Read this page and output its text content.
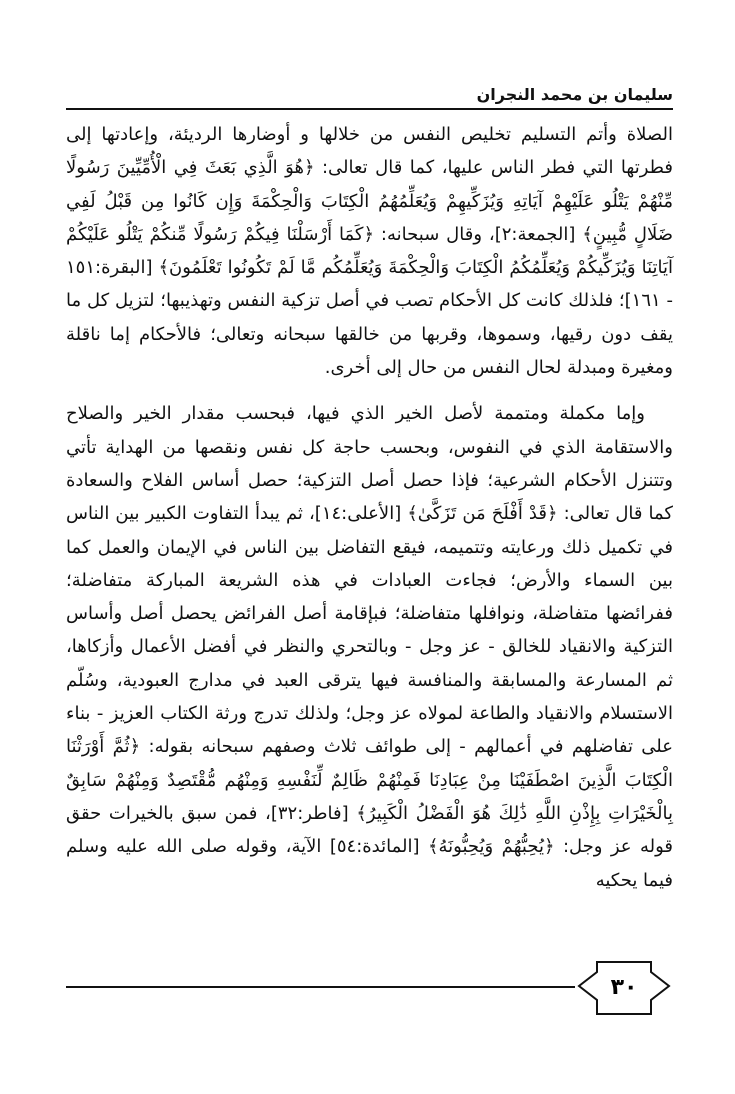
سليمان بن محمد النجران

الصلاة وأتم التسليم تخليص النفس من خلالها و أوضارها الرديئة، وإعادتها إلى فطرتها التي فطر الناس عليها، كما قال تعالى: ﴿هُوَ الَّذِي بَعَثَ فِي الْأُمِّيِّينَ رَسُولًا مِّنْهُمْ يَتْلُو عَلَيْهِمْ آيَاتِهِ وَيُزَكِّيهِمْ وَيُعَلِّمُهُمُ الْكِتَابَ وَالْحِكْمَةَ وَإِن كَانُوا مِن قَبْلُ لَفِي ضَلَالٍ مُّبِينٍ﴾ [الجمعة:٢]، وقال سبحانه: ﴿كَمَا أَرْسَلْنَا فِيكُمْ رَسُولًا مِّنكُمْ يَتْلُو عَلَيْكُمْ آيَاتِنَا وَيُزَكِّيكُمْ وَيُعَلِّمُكُمُ الْكِتَابَ وَالْحِكْمَةَ وَيُعَلِّمُكُم مَّا لَمْ تَكُونُوا تَعْلَمُونَ﴾ [البقرة:١٥١ - ١٦١]؛ فلذلك كانت كل الأحكام تصب في أصل تزكية النفس وتهذيبها؛ لتزيل كل ما يقف دون رقيها، وسموها، وقربها من خالقها سبحانه وتعالى؛ فالأحكام إما ناقلة ومغيرة ومبدلة لحال النفس من حال إلى أخرى.

وإما مكملة ومتممة لأصل الخير الذي فيها، فبحسب مقدار الخير والصلاح والاستقامة الذي في النفوس، وبحسب حاجة كل نفس ونقصها من الهداية تأتي وتتنزل الأحكام الشرعية؛ فإذا حصل أصل التزكية؛ حصل أساس الفلاح والسعادة كما قال تعالى: ﴿قَدْ أَفْلَحَ مَن تَزَكَّىٰ﴾ [الأعلى:١٤]، ثم يبدأ التفاوت الكبير بين الناس في تكميل ذلك ورعايته وتتميمه، فيقع التفاضل بين الناس في الإيمان والعمل كما بين السماء والأرض؛ فجاءت العبادات في هذه الشريعة المباركة متفاضلة؛ ففرائضها متفاضلة، ونوافلها متفاضلة؛ فبإقامة أصل الفرائض يحصل أصل وأساس التزكية والانقياد للخالق - عز وجل - وبالتحري والنظر في أفضل الأعمال وأزكاها، ثم المسارعة والمسابقة والمنافسة فيها يترقى العبد في مدارج العبودية، وسُلّم الاستسلام والانقياد والطاعة لمولاه عز وجل؛ ولذلك تدرج ورثة الكتاب العزيز - بناء على تفاضلهم في أعمالهم - إلى طوائف ثلاث وصفهم سبحانه بقوله: ﴿ثُمَّ أَوْرَثْنَا الْكِتَابَ الَّذِينَ اصْطَفَيْنَا مِنْ عِبَادِنَا فَمِنْهُمْ ظَالِمٌ لِّنَفْسِهِ وَمِنْهُم مُّقْتَصِدٌ وَمِنْهُمْ سَابِقٌ بِالْخَيْرَاتِ بِإِذْنِ اللَّهِ ذَٰلِكَ هُوَ الْفَضْلُ الْكَبِيرُ﴾ [فاطر:٣٢]، فمن سبق بالخيرات حقق قوله عز وجل: ﴿يُحِبُّهُمْ وَيُحِبُّونَهُ﴾ [المائدة:٥٤] الآية، وقوله صلى الله عليه وسلم فيما يحكيه

٣٠
